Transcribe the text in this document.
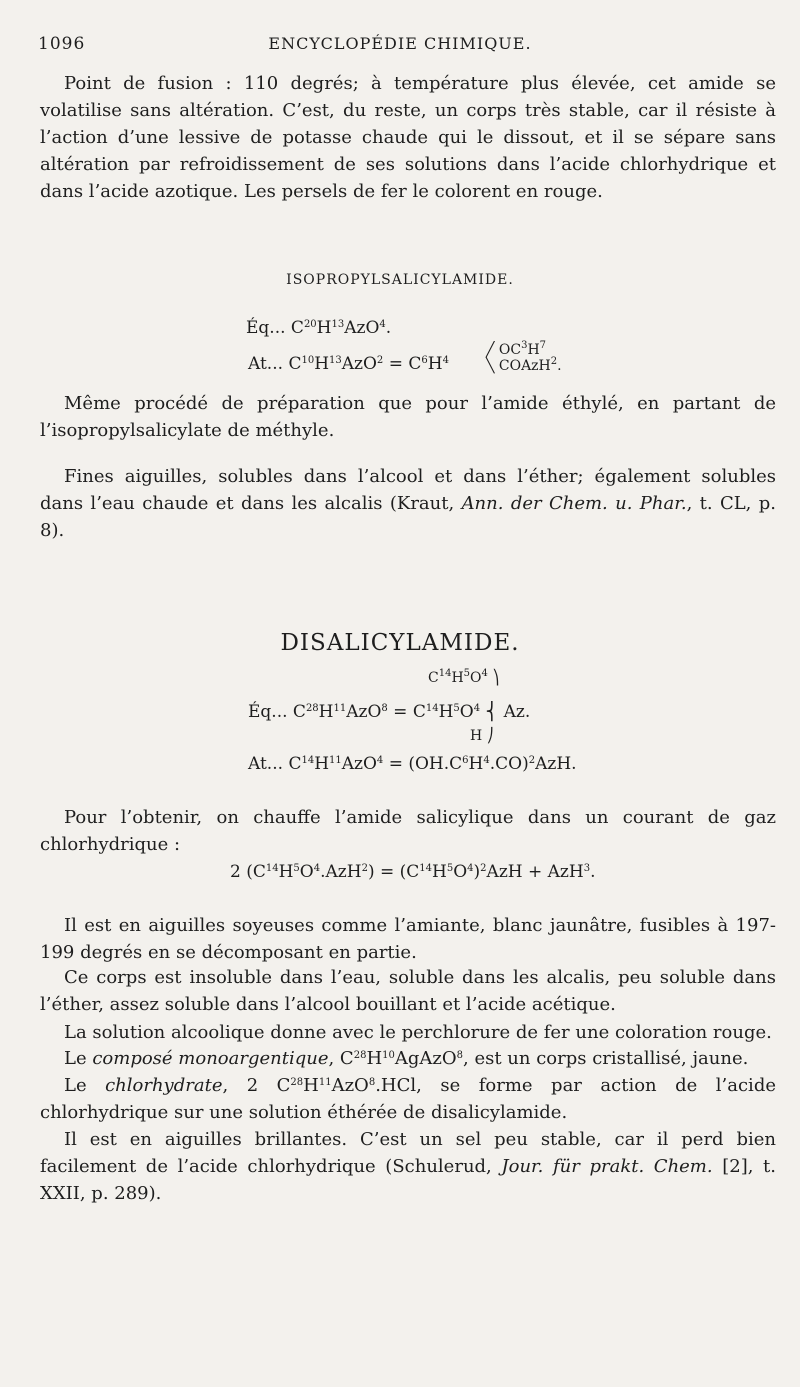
1096	ENCYCLOPÉDIE CHIMIQUE.

Point de fusion : 110 degrés; à température plus élevée, cet amide se volatilise sans altération. C’est, du reste, un corps très stable, car il résiste à l’action d’une lessive de potasse chaude qui le dissout, et il se sépare sans altération par refroidissement de ses solutions dans l’acide chlorhydrique et dans l’acide azotique. Les persels de fer le colorent en rouge.

ISOPROPYLSALICYLAMIDE.
Éq... $C^{20}H^{13}AzO^4$.
At... $C^{10}H^{13}AzO^2 = C^6H^4$
╱ $OC^3H^7$
╲ COAzH$^2$.

Même procédé de préparation que pour l’amide éthylé, en partant de l’isopropylsalicylate de méthyle.

Fines aiguilles, solubles dans l’alcool et dans l’éther; également solubles dans l’eau chaude et dans les alcalis (Kraut, Ann. der Chem. u. Phar., t. CL, p. 8).

DISALICYLAMIDE.
$C^{14}H^5O^4$ ⎞
Éq... $C^{28}H^{11}AzO^8 = C^{14}H^5O^4$ ⎨ Az.
H ⎠
At... $C^{14}H^{11}AzO^4 = (OH.C^6H^4.CO)^2AzH$.

Pour l’obtenir, on chauffe l’amide salicylique dans un courant de gaz chlorhydrique :

2 $(C^{14}H^5O^4.AzH^2) = (C^{14}H^5O^4)^2AzH + AzH^3$.

Il est en aiguilles soyeuses comme l’amiante, blanc jaunâtre, fusibles à 197-199 degrés en se décomposant en partie.

Ce corps est insoluble dans l’eau, soluble dans les alcalis, peu soluble dans l’éther, assez soluble dans l’alcool bouillant et l’acide acétique.

La solution alcoolique donne avec le perchlorure de fer une coloration rouge.

Le composé monoargentique, $C^{28}H^{10}AgAzO^8$, est un corps cristallisé, jaune.

Le chlorhydrate, 2 $C^{28}H^{11}AzO^8.HCl$, se forme par action de l’acide chlorhydrique sur une solution éthérée de disalicylamide.

Il est en aiguilles brillantes. C’est un sel peu stable, car il perd bien facilement de l’acide chlorhydrique (Schulerud, Jour. für prakt. Chem. [2], t. XXII, p. 289).
